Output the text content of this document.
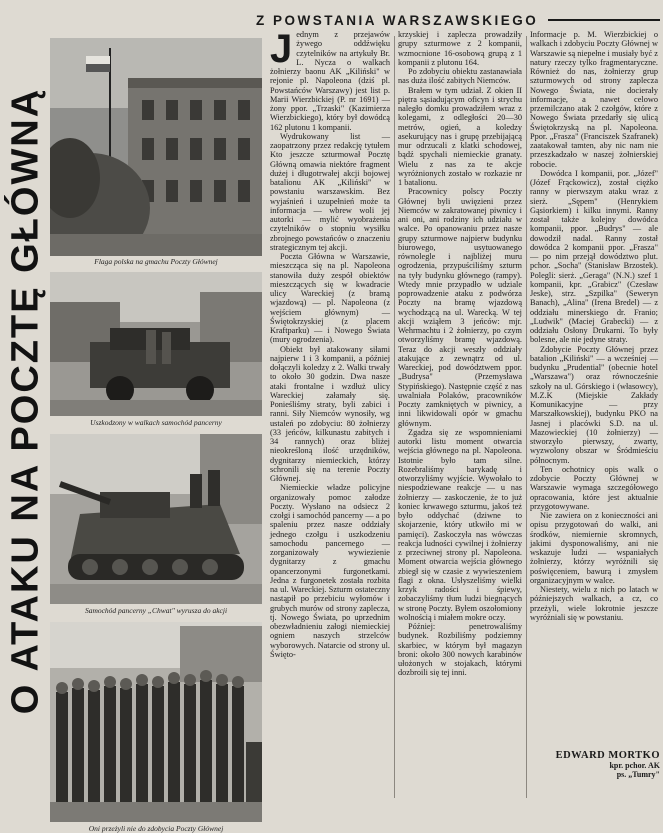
O ATAKU NA POCZTĘ GŁÓWNĄ
Z POWSTANIA WARSZAWSKIEGO
Flaga polska na gmachu Poczty Głównej
Uszkodzony w walkach samochód pancerny
Samochód pancerny „Chwat" wyrusza do akcji
Oni przeżyli nie do zdobycia Poczty Głównej

Jednym z przejawów żywego oddźwięku czytelników na artykuły Br. L. Nycza o walkach żołnierzy baonu AK „Kiliński" w rejonie pl. Napoleona (dziś pl. Powstańców Warszawy) jest list p. Marii Wierzbickiej (P. nr 1691) — żony ppor. „Trzaski" (Kazimierza Wierzbickiego), który był dowódcą 162 plutonu 1 kompanii.

Wydrukowany list — zaopatrzony przez redakcję tytułem Kto jeszcze szturmował Pocztę Główną omawia niektóre fragment dużej i długotrwałej akcji bojowej batalionu AK „Kiliński" w powstaniu warszawskim. Bez wyjaśnień i uzupełnień może ta informacja — wbrew woli jej autorki — mylić wyobrażenia czytelników o stopniu wysiłku zbrojnego powstańców o znaczeniu strategicznym tej akcji.

Poczta Główna w Warszawie, mieszcząca się na pl. Napoleona stanowiła duży zespół obiektów mieszczących się w kwadracie ulicy Wareckiej (z bramą wjazdową) — pl. Napoleona (z wejściem głównym) — Świętokrzyskiej (z placem Kraftparku) — i Nowego Świata (mury ogrodzenia).

Obiekt był atakowany siłami najpierw 1 i 3 kompanii, a później dołączyli koledzy z 2. Walki trwały to około 30 godzin. Dwa nasze ataki frontalne i wzdłuż ulicy Wareckiej załamały się. Ponieśliśmy straty, byli zabici i ranni. Siły Niemców wynosiły, wg ustaleń po zdobyciu: 80 żołnierzy (33 jeńców, kilkunastu zabitych i 34 rannych) oraz bliżej nieokreśloną ilość urzędników, dygnitarzy niemieckich, którzy schronili się na terenie Poczty Głównej.

Niemieckie władze policyjne organizowały pomoc załodze Poczty. Wysłano na odsiecz 2 czołgi i samochód pancerny — a po spaleniu przez nasze oddziały jednego czołgu i uszkodzeniu samochodu pancernego — zorganizowały wywiezienie dygnitarzy z gmachu opancerzonymi furgonetkami. Jedna z furgonetek została rozbita na ul. Wareckiej. Szturm ostateczny nastąpił po przebiciu wyłomów i grubych murów od strony zaplecza, tj. Nowego Świata, po uprzednim obezwładnieniu załogi niemieckiej ogniem naszych strzelców wyborowych. Natarcie od strony ul. Święto-

krzyskiej i zaplecza prowadziły grupy szturmowe z 2 kompanii, wzmocnione 16-osobową grupą z 1 kompanii z plutonu 164.

Po zdobyciu obiektu zastanawiała nas duża ilość zabitych Niemców.

Brałem w tym udział. Z okien II piętra sąsiadującym oficyn i strychu naległo domku prowadziłem wraz z kolegami, z odległości 20—30 metrów, ogień, a koledzy asekurujący nas i grupę przebijającą mur odrzucali z klatki schodowej, bądź spychali niemieckie granaty. Wielu z nas za te akcje wyróżnionych zostało w rozkazie nr 1 batalionu.

Pracownicy polscy Poczty Głównej byli uwięzieni przez Niemców w zakratowanej piwnicy i ani oni, ani rodziny ich udziału w walce. Po opanowaniu przez nasze grupy szturmowe najpierw budynku biurowego, usytuowanego równolegle i najbliżej muru ogrodzenia, przypuściliśmy szturm na tyły budynku głównego (rampy). Wtedy mnie przypadło w udziale poprowadzenie ataku z podwórza Poczty na bramę wjazdową wychodzącą na ul. Warecką. W tej akcji wziąłem 3 jeńców: mjr. Wehrmachtu i 2 żołnierzy, po czym otworzyliśmy bramę wjazdową. Teraz do akcji weszły oddziały atakujące z zewnątrz od ul. Wareckiej, pod dowództwem ppor. „Budrysa" (Przemysława Stypińskiego). Następnie część z nas uwalniała Polaków, pracowników Poczty zamkniętych w piwnicy, a inni likwidowali opór w gmachu głównym.

Zgadza się ze wspomnieniami autorki listu moment otwarcia wejścia głównego na pl. Napoleona. Istotnie było tam silne. Rozebraliśmy barykadę i otworzyliśmy wyjście. Wywołało to niespodziewane reakcje — u nas żołnierzy — zaskoczenie, że to już koniec krwawego szturmu, jakoś też było oddychać (dziwne to skojarzenie, który utkwiło mi w pamięci). Zaskoczyła nas wówczas reakcja ludności cywilnej i żołnierzy z przeciwnej strony pl. Napoleona. Moment otwarcia wejścia głównego zbiegł się w czasie z wywieszeniem flagi z okna. Usłyszeliśmy wielki krzyk radości i śpiewy, zobaczyliśmy tłum ludzi biegnących w stronę Poczty. Byłem oszołomiony wolnością i miałem mokre oczy.

Później: penetrowaliśmy budynek. Rozbiliśmy podziemny skarbiec, w którym był magazyn broni: około 300 nowych karabinów ułożonych w stojakach, którymi dozbroili się tej inni.

Informacje p. M. Wierzbickiej o walkach i zdobyciu Poczty Głównej w Warszawie są niepełne i musiały być z natury rzeczy tylko fragmentaryczne. Również do nas, żołnierzy grup szturmowych od strony zaplecza Nowego Świata, nie docierały informacje, a nawet celowo przemilczano atak 2 czołgów, które z Nowego Świata przedarły się ulicą Świętokrzyską na pl. Napoleona. Ppor. „Frasza" (Franciszek Szafranek) zaatakował tamten, aby nic nam nie przeszkadzało w naszej żołnierskiej robocie.

Dowódca I kompanii, por. „Józef" (Józef Frąckowicz), został ciężko ranny w pierwszym ataku wraz z sierż. „Sępem" (Henrykiem Gąsiorkiem) i kilku innymi. Ranny został także kolejny dowódca kompanii, ppor. „Budrys" — ale dowodził nadal. Ranny został dowódca 2 kompanii ppor. „Frasza" — po nim przejął dowództwo plut. pchor. „Socha" (Stanisław Brzostek). Polegli: sierż. „Geraga" (N.N.) szef 1 kompanii, kpr. „Grabicz" (Czesław Jeske), strz. „Szpilka" (Seweryn Banach), „Alina" (Irena Bredel) — z oddziału minerskiego dr. Franio; „Ludwik" (Maciej Grabecki) — z oddziału Osłony Drukarni. To były bolesne, ale nie jedyne straty.

Zdobycie Poczty Głównej przez batalion „Kiliński" — a wcześniej — budynku „Prudential" (obecnie hotel „Warszawa") oraz równocześnie szkoły na ul. Górskiego i (własowcy), M.Z.K (Miejskie Zakłady Komunikacyjne — przy Marszałkowskiej), budynku PKO na Jasnej i placówki S.D. na ul. Mazowieckiej (10 żołnierzy) — stworzyło pierwszy, zwarty, wyzwolony obszar w Śródmieściu północnym.

Ten ochotnicy opis walk o zdobycie Poczty Głównej w Warszawie wymaga szczegółowego opracowania, które jest aktualnie przygotowywane.

Nie zawiera on z konieczności ani opisu przygotowań do walki, ani środków, niemiernie skromnych, jakimi dysponowaliśmy, ani nie wskazuje ludzi — wspaniałych żołnierzy, którzy wyróżnili się poświęceniem, bawurą i zmysłem organizacyjnym w walce.

Niestety, wielu z nich po latach w późniejszych walkach, a cz, co przeżyli, wiele lokrotnie jeszcze wyróżniali się w powstaniu.

EDWARD MORTKO
kpr. pchor. AK
ps. „Tumry"
